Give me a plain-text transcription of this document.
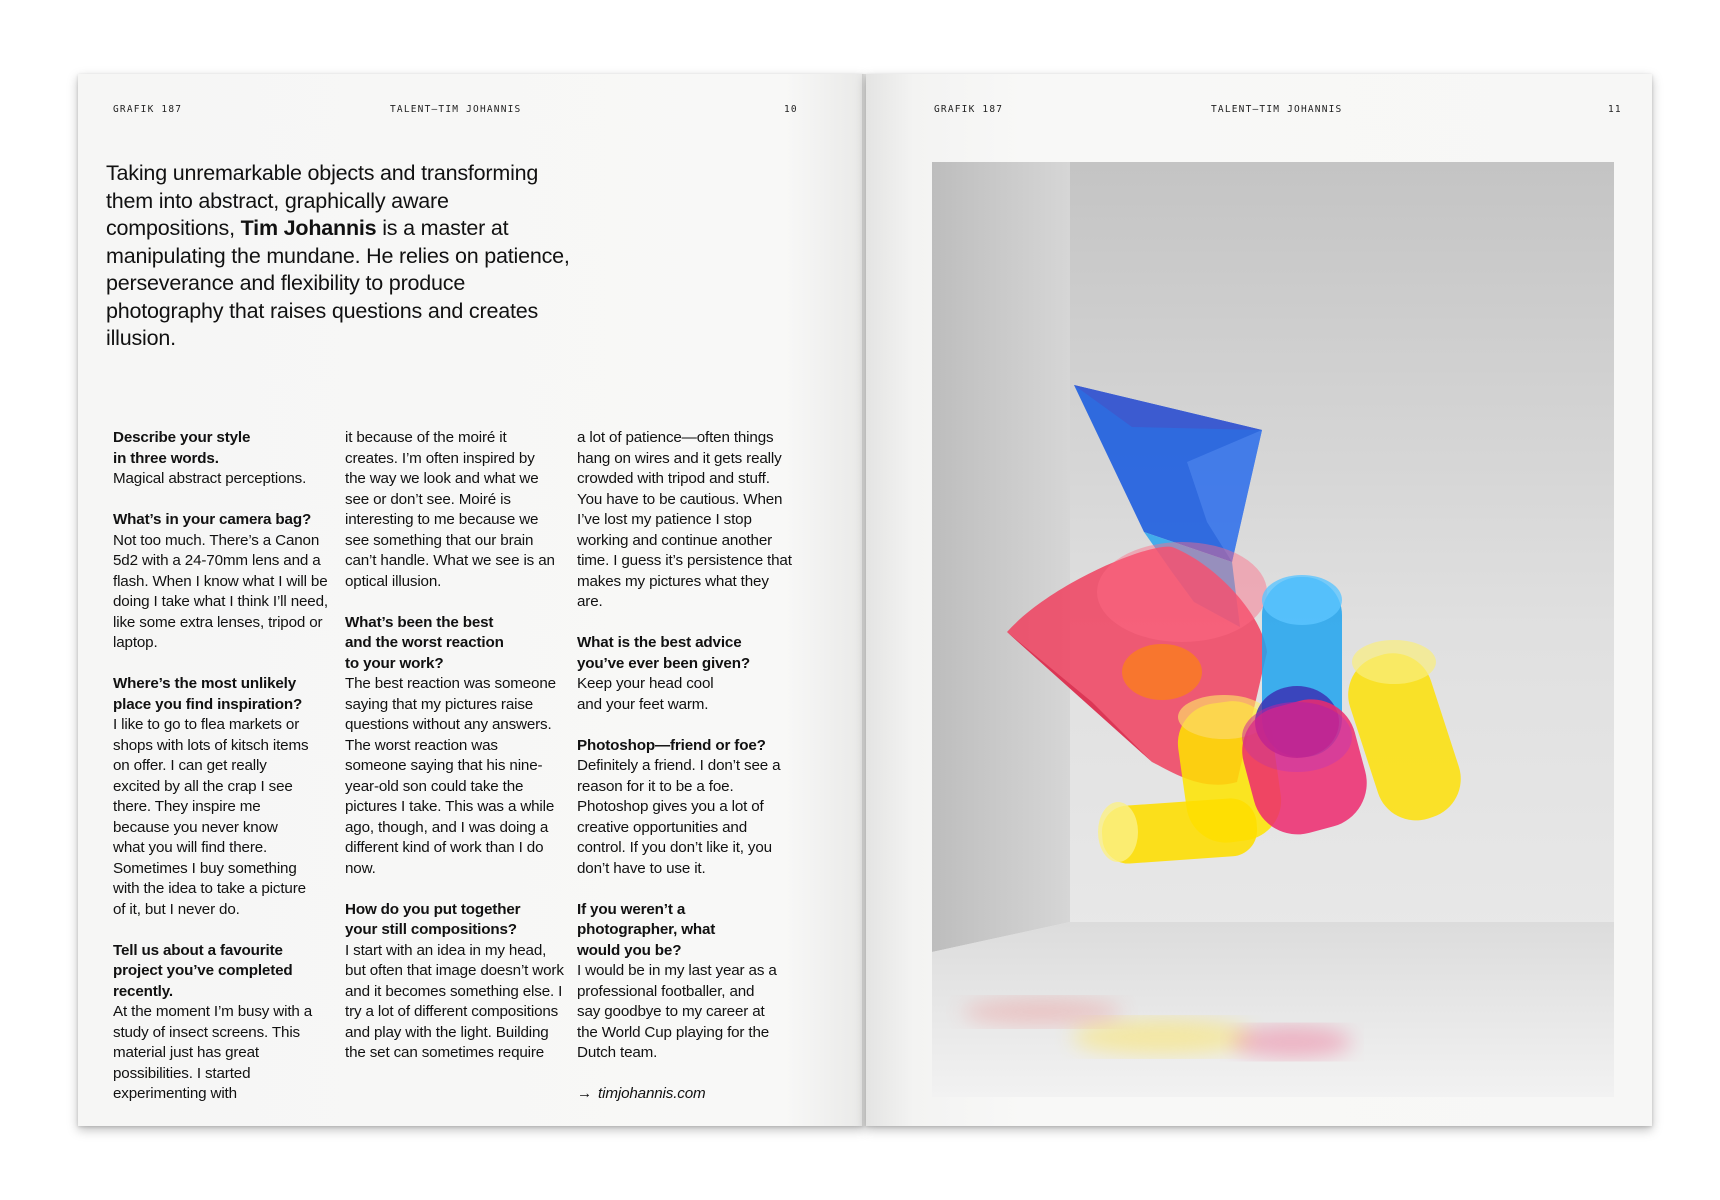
GRAFIK 187	TALENT—TIM JOHANNIS	10	GRAFIK 187	TALENT—TIM JOHANNIS	11

Taking unremarkable objects and transforming them into abstract, graphically aware compositions, Tim Johannis is a master at manipulating the mundane. He relies on patience, perseverance and flexibility to produce photography that raises questions and creates illusion.

Describe your style in three words.
Magical abstract perceptions.
What’s in your camera bag?
Not too much. There’s a Canon 5d2 with a 24-70mm lens and a flash. When I know what I will be doing I take what I think I’ll need, like some extra lenses, tripod or laptop.
Where’s the most unlikely place you find inspiration?
I like to go to flea markets or shops with lots of kitsch items on offer. I can get really excited by all the crap I see there. They inspire me because you never know what you will find there. Sometimes I buy something with the idea to take a picture of it, but I never do.
Tell us about a favourite project you’ve completed recently.
At the moment I’m busy with a study of insect screens. This material just has great possibilities. I started experimenting with
it because of the moiré it creates. I’m often inspired by the way we look and what we see or don’t see. Moiré is interesting to me because we see something that our brain can’t handle. What we see is an optical illusion.
What’s been the best and the worst reaction to your work?
The best reaction was someone saying that my pictures raise questions without any answers. The worst reaction was someone saying that his nine-year-old son could take the pictures I take. This was a while ago, though, and I was doing a different kind of work than I do now.
How do you put together your still compositions?
I start with an idea in my head, but often that image doesn’t work and it becomes something else. I try a lot of different compositions and play with the light. Building the set can sometimes require
a lot of patience—often things hang on wires and it gets really crowded with tripod and stuff. You have to be cautious. When I’ve lost my patience I stop working and continue another time. I guess it’s persistence that makes my pictures what they are.
What is the best advice you’ve ever been given?
Keep your head cool and your feet warm.
Photoshop—friend or foe?
Definitely a friend. I don’t see a reason for it to be a foe. Photoshop gives you a lot of creative opportunities and control. If you don’t like it, you don’t have to use it.
If you weren’t a photographer, what would you be?
I would be in my last year as a professional footballer, and say goodbye to my career at the World Cup playing for the Dutch team.
→ timjohannis.com
